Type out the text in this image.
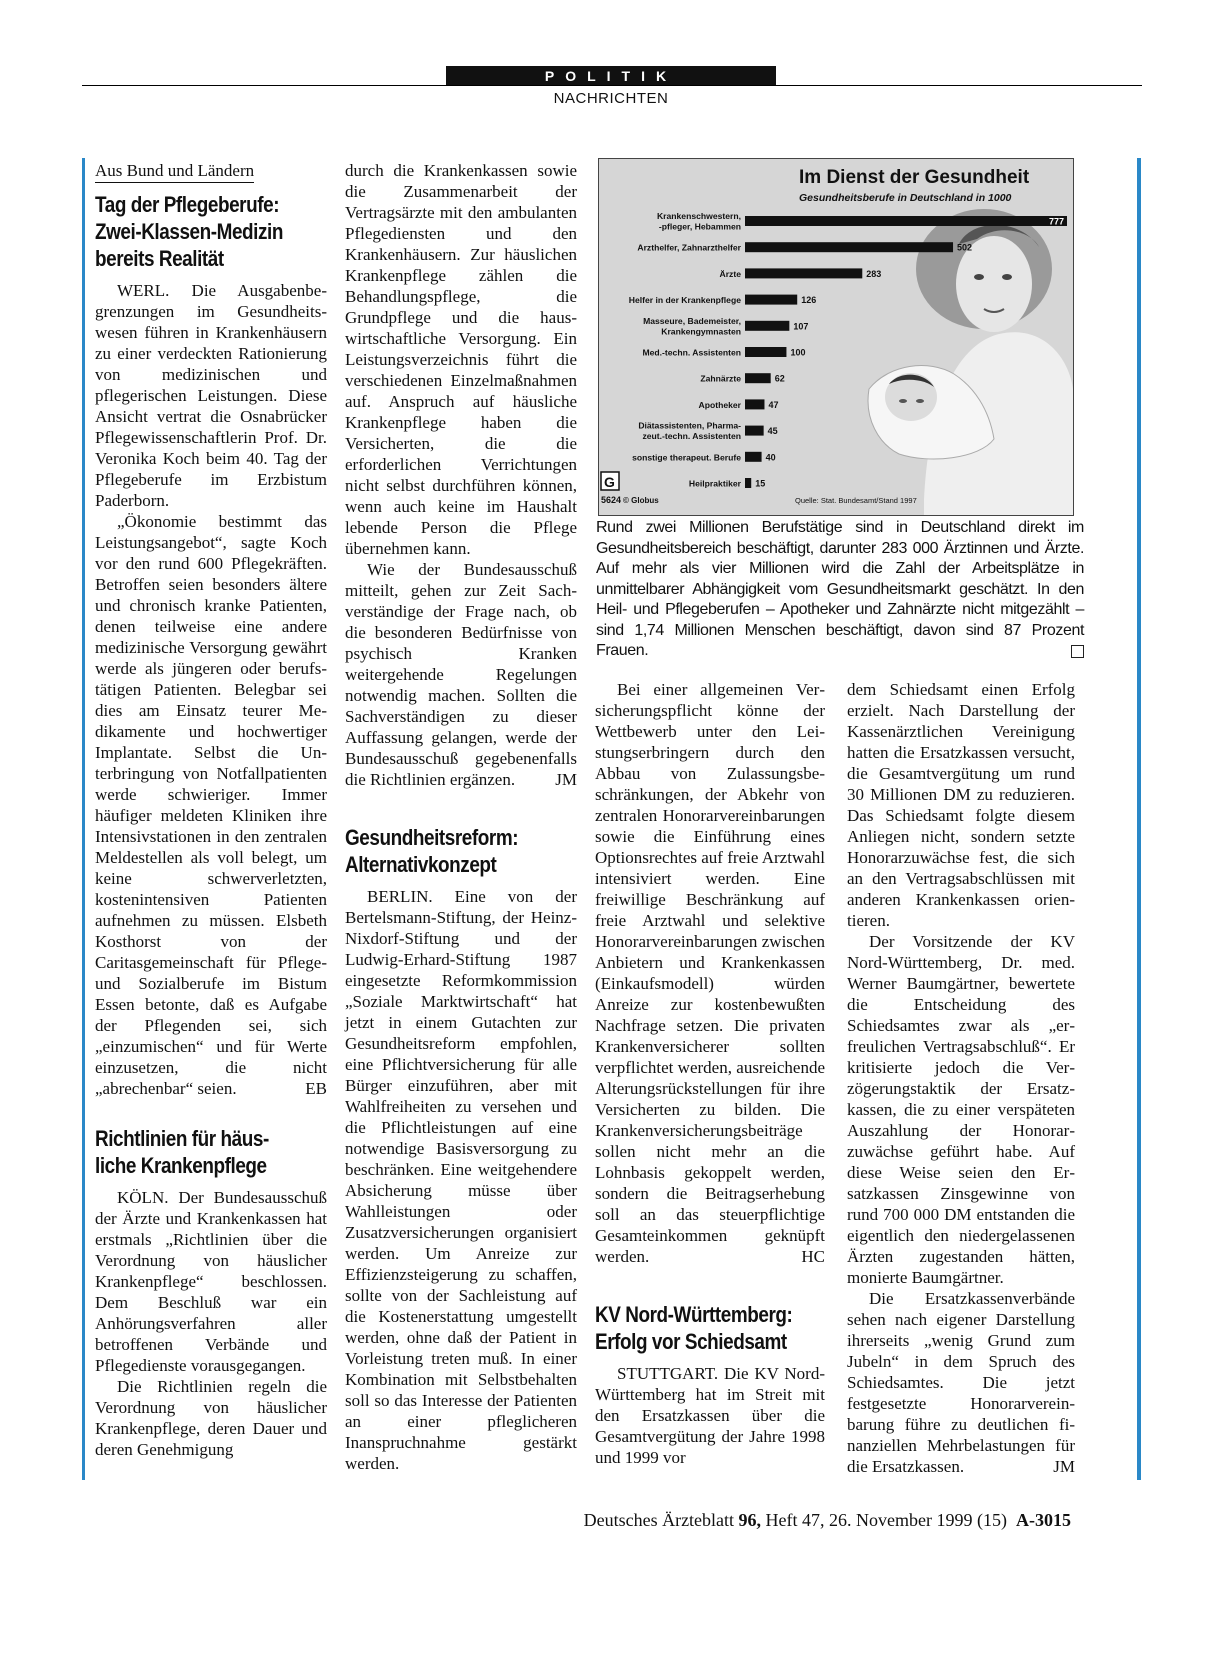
POLITIK
NACHRICHTEN
Aus Bund und Ländern
Tag der Pflegeberufe:
Zwei-Klassen-Medizin
bereits Realität

WERL. Die Ausgabenbegrenzungen im Gesundheitswesen führen in Krankenhäusern zu einer verdeckten Rationierung von medizinischen und pflegerischen Leistungen. Diese Ansicht vertrat die Osnabrücker Pflegewissenschaftlerin Prof. Dr. Veronika Koch beim 40. Tag der Pflegeberufe im Erzbistum Paderborn.

„Ökonomie bestimmt das Leistungsangebot“, sagte Koch vor den rund 600 Pflegekräften. Betroffen seien besonders ältere und chronisch kranke Patienten, denen teilweise eine andere medizinische Versorgung gewährt werde als jüngeren oder berufstätigen Patienten. Belegbar sei dies am Einsatz teurer Medikamente und hochwertiger Implantate. Selbst die Unterbringung von Notfallpatienten werde schwieriger. Immer häufiger meldeten Kliniken ihre Intensivstationen in den zentralen Meldestellen als voll belegt, um keine schwerverletzten, kostenintensiven Patienten aufnehmen zu müssen. Elsbeth Kosthorst von der Caritasgemeinschaft für Pflege- und Sozialberufe im Bistum Essen betonte, daß es Aufgabe der Pflegenden sei, sich „einzumischen“ und für Werte einzusetzen, die nicht „abrechenbar“ seien.	EB

Richtlinien für häus-
liche Krankenpflege

KÖLN. Der Bundesausschuß der Ärzte und Krankenkassen hat erstmals „Richtlinien über die Verordnung von häuslicher Krankenpflege“ beschlossen. Dem Beschluß war ein Anhörungsverfahren aller betroffenen Verbände und Pflegedienste vorausgegangen.

Die Richtlinien regeln die Verordnung von häuslicher Krankenpflege, deren Dauer und deren Genehmigung

durch die Krankenkassen sowie die Zusammenarbeit der Vertragsärzte mit den ambulanten Pflegediensten und den Krankenhäusern. Zur häuslichen Krankenpflege zählen die Behandlungspflege, die Grundpflege und die hauswirtschaftliche Versorgung. Ein Leistungsverzeichnis führt die verschiedenen Einzelmaßnahmen auf. Anspruch auf häusliche Krankenpflege haben die Versicherten, die die erforderlichen Verrichtungen nicht selbst durchführen können, wenn auch keine im Haushalt lebende Person die Pflege übernehmen kann.

Wie der Bundesausschuß mitteilt, gehen zur Zeit Sachverständige der Frage nach, ob die besonderen Bedürfnisse von psychisch Kranken weitergehende Regelungen notwendig machen. Sollten die Sachverständigen zu dieser Auffassung gelangen, werde der Bundesausschuß gegebenenfalls die Richtlinien ergänzen.	JM

Gesundheitsreform:
Alternativkonzept

BERLIN. Eine von der Bertelsmann-Stiftung, der Heinz-Nixdorf-Stiftung und der Ludwig-Erhard-Stiftung 1987 eingesetzte Reformkommission „Soziale Marktwirtschaft“ hat jetzt in einem Gutachten zur Gesundheitsreform empfohlen, eine Pflichtversicherung für alle Bürger einzuführen, aber mit Wahlfreiheiten zu versehen und die Pflichtleistungen auf eine notwendige Basisversorgung zu beschränken. Eine weitgehendere Absicherung müsse über Wahlleistungen oder Zusatzversicherungen organisiert werden. Um Anreize zur Effizienzsteigerung zu schaffen, sollte von der Sachleistung auf die Kostenerstattung umgestellt werden, ohne daß der Patient in Vorleistung treten muß. In einer Kombination mit Selbstbehalten soll so das Interesse der Patienten an einer pfleglicheren Inanspruchnahme gestärkt werden.

Im Dienst der Gesundheit
Gesundheitsberufe in Deutschland in 1000
Krankenschwestern,
-pfleger, Hebammen	777
Arzthelfer, Zahnarzthelfer	502
Ärzte	283
Helfer in der Krankenpflege	126
Masseure, Bademeister,
Krankengymnasten	107
Med.-techn. Assistenten	100
Zahnärzte	62
Apotheker	47
Diätassistenten, Pharma-
zeut.-techn. Assistenten	45
sonstige therapeut. Berufe	40
Heilpraktiker 15
G
5624 © Globus	Quelle: Stat. Bundesamt/Stand 1997
Rund zwei Millionen Berufstätige sind in Deutschland direkt im Gesundheitsbereich beschäftigt, darunter 283 000 Ärztinnen und Ärzte. Auf mehr als vier Millionen wird die Zahl der Arbeitsplätze in unmittelbarer Abhängigkeit vom Gesundheitsmarkt geschätzt. In den Heil- und Pflegeberufen – Apotheker und Zahnärzte nicht mitgezählt – sind 1,74 Millionen Menschen beschäftigt, davon sind 87 Prozent Frauen.

Bei einer allgemeinen Versicherungspflicht könne der Wettbewerb unter den Leistungserbringern durch den Abbau von Zulassungsbeschränkungen, der Abkehr von zentralen Honorarvereinbarungen sowie die Einführung eines Optionsrechtes auf freie Arztwahl intensiviert werden. Eine freiwillige Beschränkung auf freie Arztwahl und selektive Honorarvereinbarungen zwischen Anbietern und Krankenkassen (Einkaufsmodell) würden Anreize zur kostenbewußten Nachfrage setzen. Die privaten Krankenversicherer sollten verpflichtet werden, ausreichende Alterungsrückstellungen für ihre Versicherten zu bilden. Die Krankenversicherungsbeiträge sollen nicht mehr an die Lohnbasis gekoppelt werden, sondern die Beitragserhebung soll an das steuerpflichtige Gesamteinkommen geknüpft werden.	HC

KV Nord-Württemberg:
Erfolg vor Schiedsamt

STUTTGART. Die KV Nord-Württemberg hat im Streit mit den Ersatzkassen über die Gesamtvergütung der Jahre 1998 und 1999 vor

dem Schiedsamt einen Erfolg erzielt. Nach Darstellung der Kassenärztlichen Vereinigung hatten die Ersatzkassen versucht, die Gesamtvergütung um rund 30 Millionen DM zu reduzieren. Das Schiedsamt folgte diesem Anliegen nicht, sondern setzte Honorarzuwächse fest, die sich an den Vertragsabschlüssen mit anderen Krankenkassen orientieren.

Der Vorsitzende der KV Nord-Württemberg, Dr. med. Werner Baumgärtner, bewertete die Entscheidung des Schiedsamtes zwar als „erfreulichen Vertragsabschluß“. Er kritisierte jedoch die Verzögerungstaktik der Ersatzkassen, die zu einer verspäteten Auszahlung der Honorarzuwächse geführt habe. Auf diese Weise seien den Ersatzkassen Zinsgewinne von rund 700 000 DM entstanden die eigentlich den niedergelassenen Ärzten zugestanden hätten, monierte Baumgärtner.

Die Ersatzkassenverbände sehen nach eigener Darstellung ihrerseits „wenig Grund zum Jubeln“ in dem Spruch des Schiedsamtes. Die jetzt festgesetzte Honorarvereinbarung führe zu deutlichen finanziellen Mehrbelastungen für die Ersatzkassen.	JM

Deutsches Ärzteblatt 96, Heft 47, 26. November 1999 (15) A-3015
